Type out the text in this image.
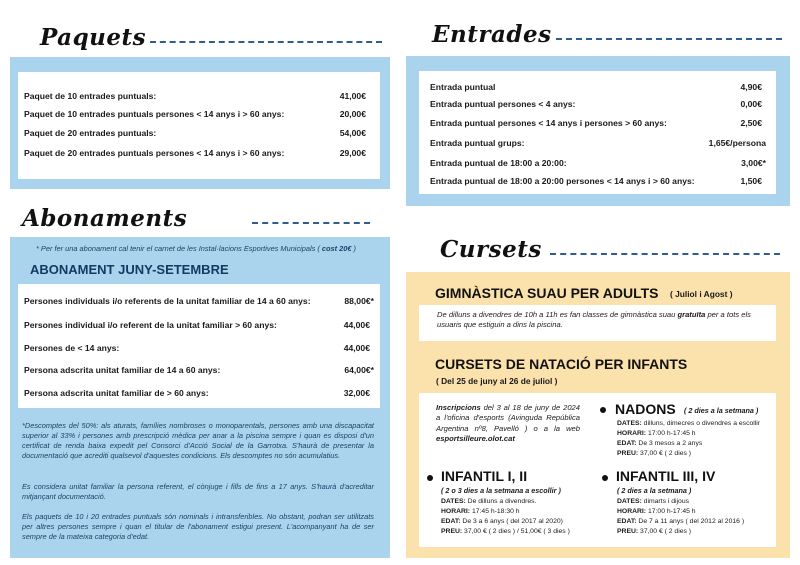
Paquets
Paquet de 10 entrades puntuals:	41,00€
Paquet de 10 entrades puntuals persones < 14 anys i > 60 anys:	20,00€
Paquet de 20 entrades puntuals:	54,00€
Paquet de 20 entrades puntuals persones < 14 anys i > 60 anys:	29,00€
Entrades
Entrada puntual	4,90€
Entrada puntual persones < 4 anys:	0,00€
Entrada puntual persones < 14 anys i persones > 60 anys:	2,50€
Entrada puntual grups:	1,65€/persona
Entrada puntual de 18:00 a 20:00:	3,00€*
Entrada puntual de 18:00 a 20:00 persones < 14 anys i > 60 anys:	1,50€
Abonaments
* Per fer una abonament cal tenir el carnet de les Instal·lacions Esportives Municipals ( cost 20€ )
ABONAMENT JUNY-SETEMBRE
Persones individuals i/o referents de la unitat familiar de 14 a 60 anys:	88,00€*
Persones individual i/o referent de la unitat familiar > 60 anys:	44,00€
Persones de < 14 anys:	44,00€
Persona adscrita unitat familiar de 14 a 60 anys:	64,00€*
Persona adscrita unitat familiar de > 60 anys:	32,00€
*Descomptes del 50%: als aturats, famílies nombroses o monoparentals, persones amb una discapacitat superior al 33% i persones amb prescripció mèdica per anar a la piscina sempre i quan es disposi d'un certificat de renda baixa expedit pel Consorci d'Acció Social de la Garrotxa. S'haurà de presentar la documentació que acrediti qualsevol d'aquestes condicions. Els descomptes no són acumulatius.
Es considera unitat familiar la persona referent, el cònjuge i fills de fins a 17 anys. S'haurà d'acreditar mitjançant documentació.
Els paquets de 10 i 20 entrades puntuals són nominals i intransferibles. No obstant, podran ser utilitzats per altres persones sempre i quan el titular de l'abonament estigui present. L'acompanyant ha de ser sempre de la mateixa categoria d'edat.
Cursets
GIMNÀSTICA SUAU PER ADULTS ( Juliol i Agost )
De dilluns a divendres de 10h a 11h es fan classes de gimnàstica suau gratuïta per a tots els usuaris que estiguin a dins la piscina.
CURSETS DE NATACIÓ PER INFANTS
( Del 25 de juny al 26 de juliol )
Inscripcions del 3 al 18 de juny de 2024 a l'oficina d'esports (Avinguda República Argentina nº8, Pavelló ) o a la web esportsilleure.olot.cat
NADONS ( 2 dies a la setmana )
DATES: dilluns, dimecres o divendres a escollir
HORARI: 17:00 h-17:45 h
EDAT: De 3 mesos a 2 anys
PREU: 37,00 € ( 2 dies )
INFANTIL I, II
( 2 o 3 dies a la setmana a escollir )
DATES: De dilluns a divendres.
HORARI: 17:45 h-18:30 h
EDAT: De 3 a 6 anys ( del 2017 al 2020)
PREU: 37,00 € ( 2 dies ) / 51,00€ ( 3 dies )
INFANTIL III, IV
( 2 dies a la setmana )
DATES: dimarts i dijous
HORARI: 17:00 h-17:45 h
EDAT: De 7 a 11 anys ( del 2012 al 2016 )
PREU: 37,00 € ( 2 dies )
